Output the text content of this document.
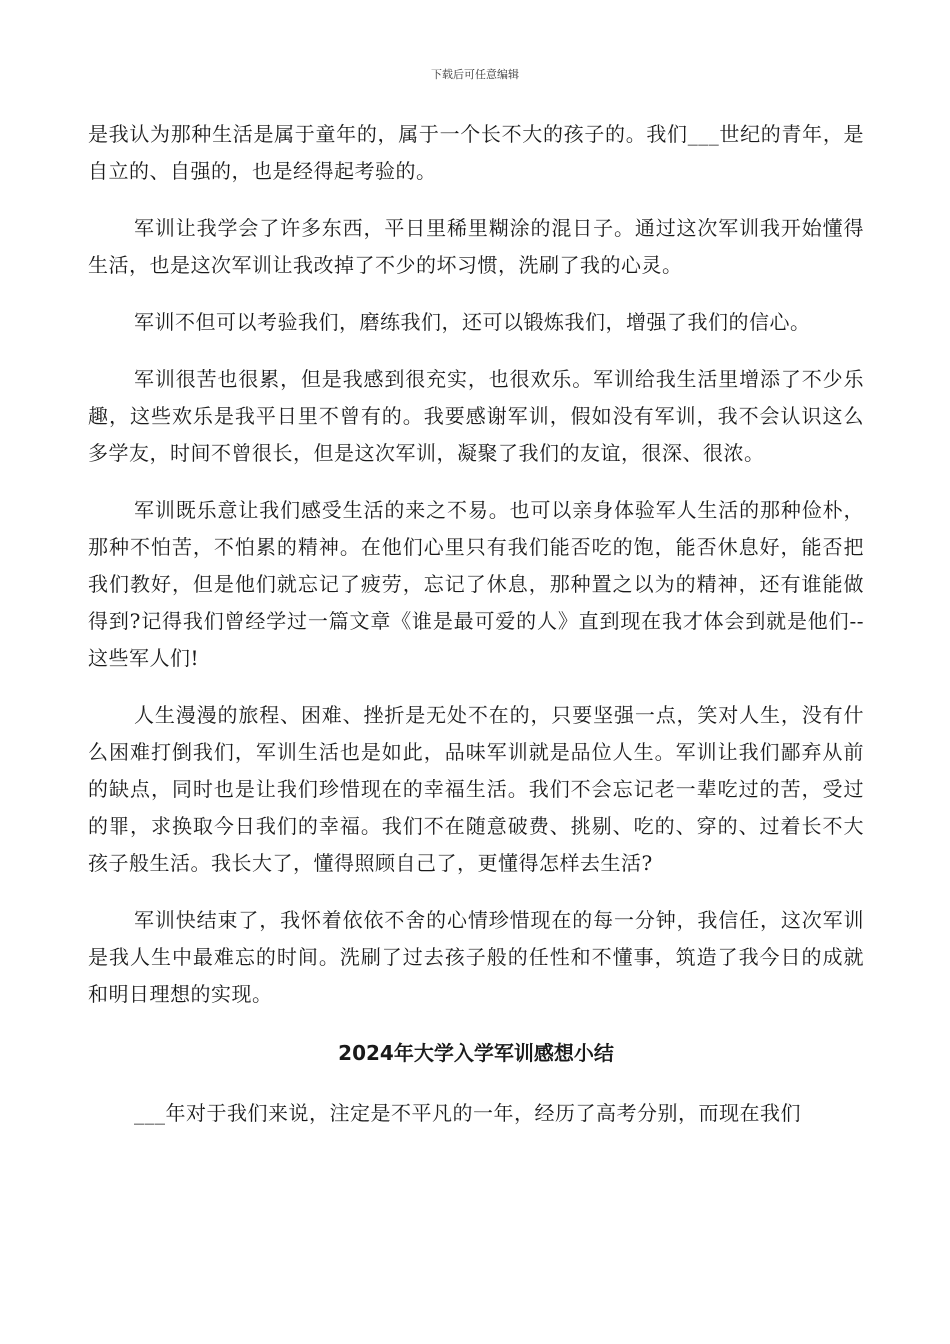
下载后可任意编辑

是我认为那种生活是属于童年的，属于一个长不大的孩子的。我们___世纪的青年，是自立的、自强的，也是经得起考验的。

军训让我学会了许多东西，平日里稀里糊涂的混日子。通过这次军训我开始懂得生活，也是这次军训让我改掉了不少的坏习惯，洗刷了我的心灵。

军训不但可以考验我们，磨练我们，还可以锻炼我们，增强了我们的信心。

军训很苦也很累，但是我感到很充实，也很欢乐。军训给我生活里增添了不少乐趣，这些欢乐是我平日里不曾有的。我要感谢军训，假如没有军训，我不会认识这么多学友，时间不曾很长，但是这次军训，凝聚了我们的友谊，很深、很浓。

军训既乐意让我们感受生活的来之不易。也可以亲身体验军人生活的那种俭朴，那种不怕苦，不怕累的精神。在他们心里只有我们能否吃的饱，能否休息好，能否把我们教好，但是他们就忘记了疲劳，忘记了休息，那种置之以为的精神，还有谁能做得到?记得我们曾经学过一篇文章《谁是最可爱的人》直到现在我才体会到就是他们--这些军人们!

人生漫漫的旅程、困难、挫折是无处不在的，只要坚强一点，笑对人生，没有什么困难打倒我们，军训生活也是如此，品味军训就是品位人生。军训让我们鄙弃从前的缺点，同时也是让我们珍惜现在的幸福生活。我们不会忘记老一辈吃过的苦，受过的罪，求换取今日我们的幸福。我们不在随意破费、挑剔、吃的、穿的、过着长不大孩子般生活。我长大了，懂得照顾自己了，更懂得怎样去生活?

军训快结束了，我怀着依依不舍的心情珍惜现在的每一分钟，我信任，这次军训是我人生中最难忘的时间。洗刷了过去孩子般的任性和不懂事，筑造了我今日的成就和明日理想的实现。

2024年大学入学军训感想小结

___年对于我们来说，注定是不平凡的一年，经历了高考分别，而现在我们
